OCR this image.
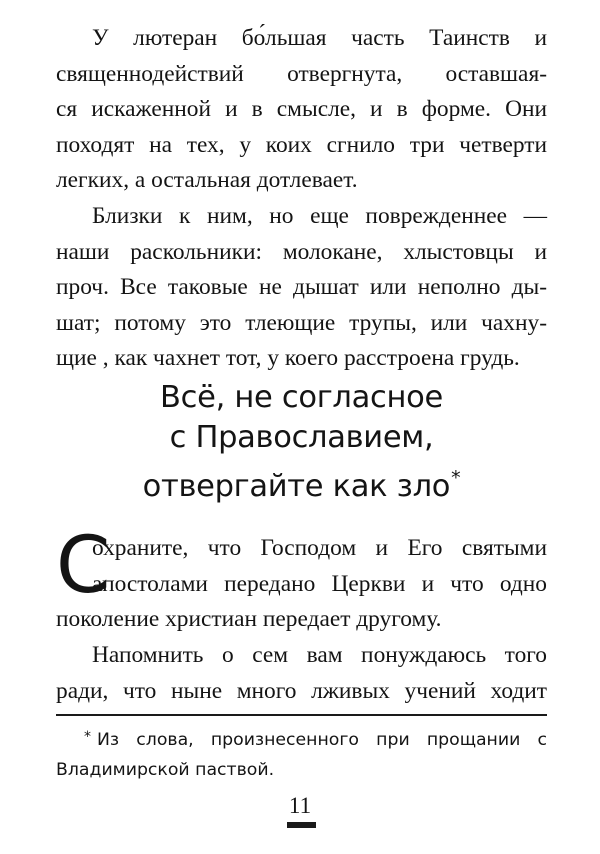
У лютеран бо́льшая часть Таинств и
священнодействий отвергнута, оставшая-
ся искаженной и в смысле, и в форме. Они
походят на тех, у коих сгнило три четверти
легких, а остальная дотлевает.
Близки к ним, но еще поврежденнее —
наши раскольники: молокане, хлыстовцы и
проч. Все таковые не дышат или неполно ды-
шат; потому это тлеющие трупы, или чахну-
щие , как чахнет тот, у коего расстроена грудь.
Всё, не согласное
с Православием,
отвергайте как зло*
С
охраните, что Господом и Его святыми
апостолами передано Церкви и что одно
поколение христиан передает другому.
Напомнить о сем вам понуждаюсь того
ради, что ныне много лживых учений ходит
* Из слова, произнесенного при прощании с
Владимирской паствой.
11
